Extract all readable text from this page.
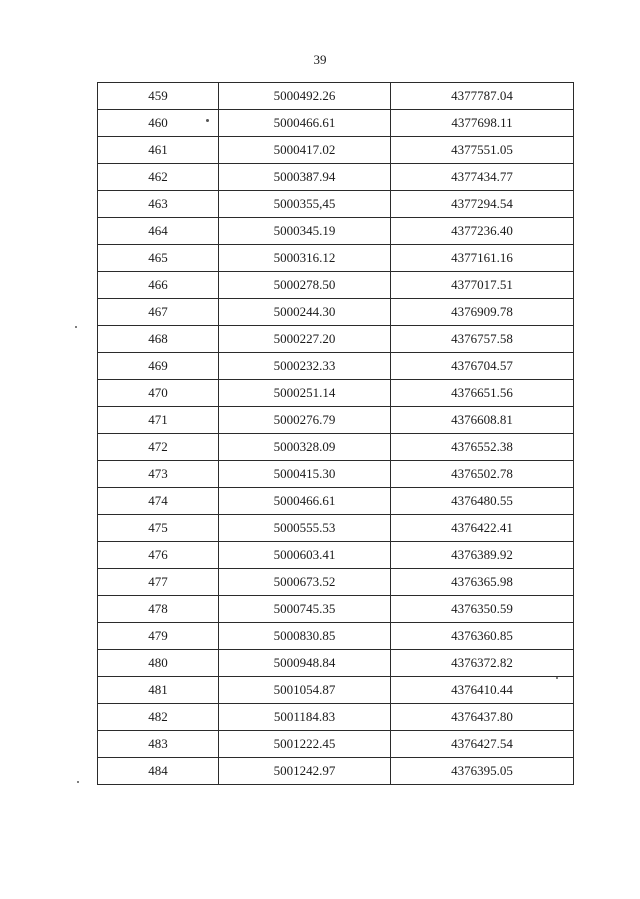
39
459	5000492.26	4377787.04
460	5000466.61	4377698.11
461	5000417.02	4377551.05
462	5000387.94	4377434.77
463	5000355,45	4377294.54
464	5000345.19	4377236.40
465	5000316.12	4377161.16
466	5000278.50	4377017.51
467	5000244.30	4376909.78
468	5000227.20	4376757.58
469	5000232.33	4376704.57
470	5000251.14	4376651.56
471	5000276.79	4376608.81
472	5000328.09	4376552.38
473	5000415.30	4376502.78
474	5000466.61	4376480.55
475	5000555.53	4376422.41
476	5000603.41	4376389.92
477	5000673.52	4376365.98
478	5000745.35	4376350.59
479	5000830.85	4376360.85
480	5000948.84	4376372.82
481	5001054.87	4376410.44
482	5001184.83	4376437.80
483	5001222.45	4376427.54
484	5001242.97	4376395.05
